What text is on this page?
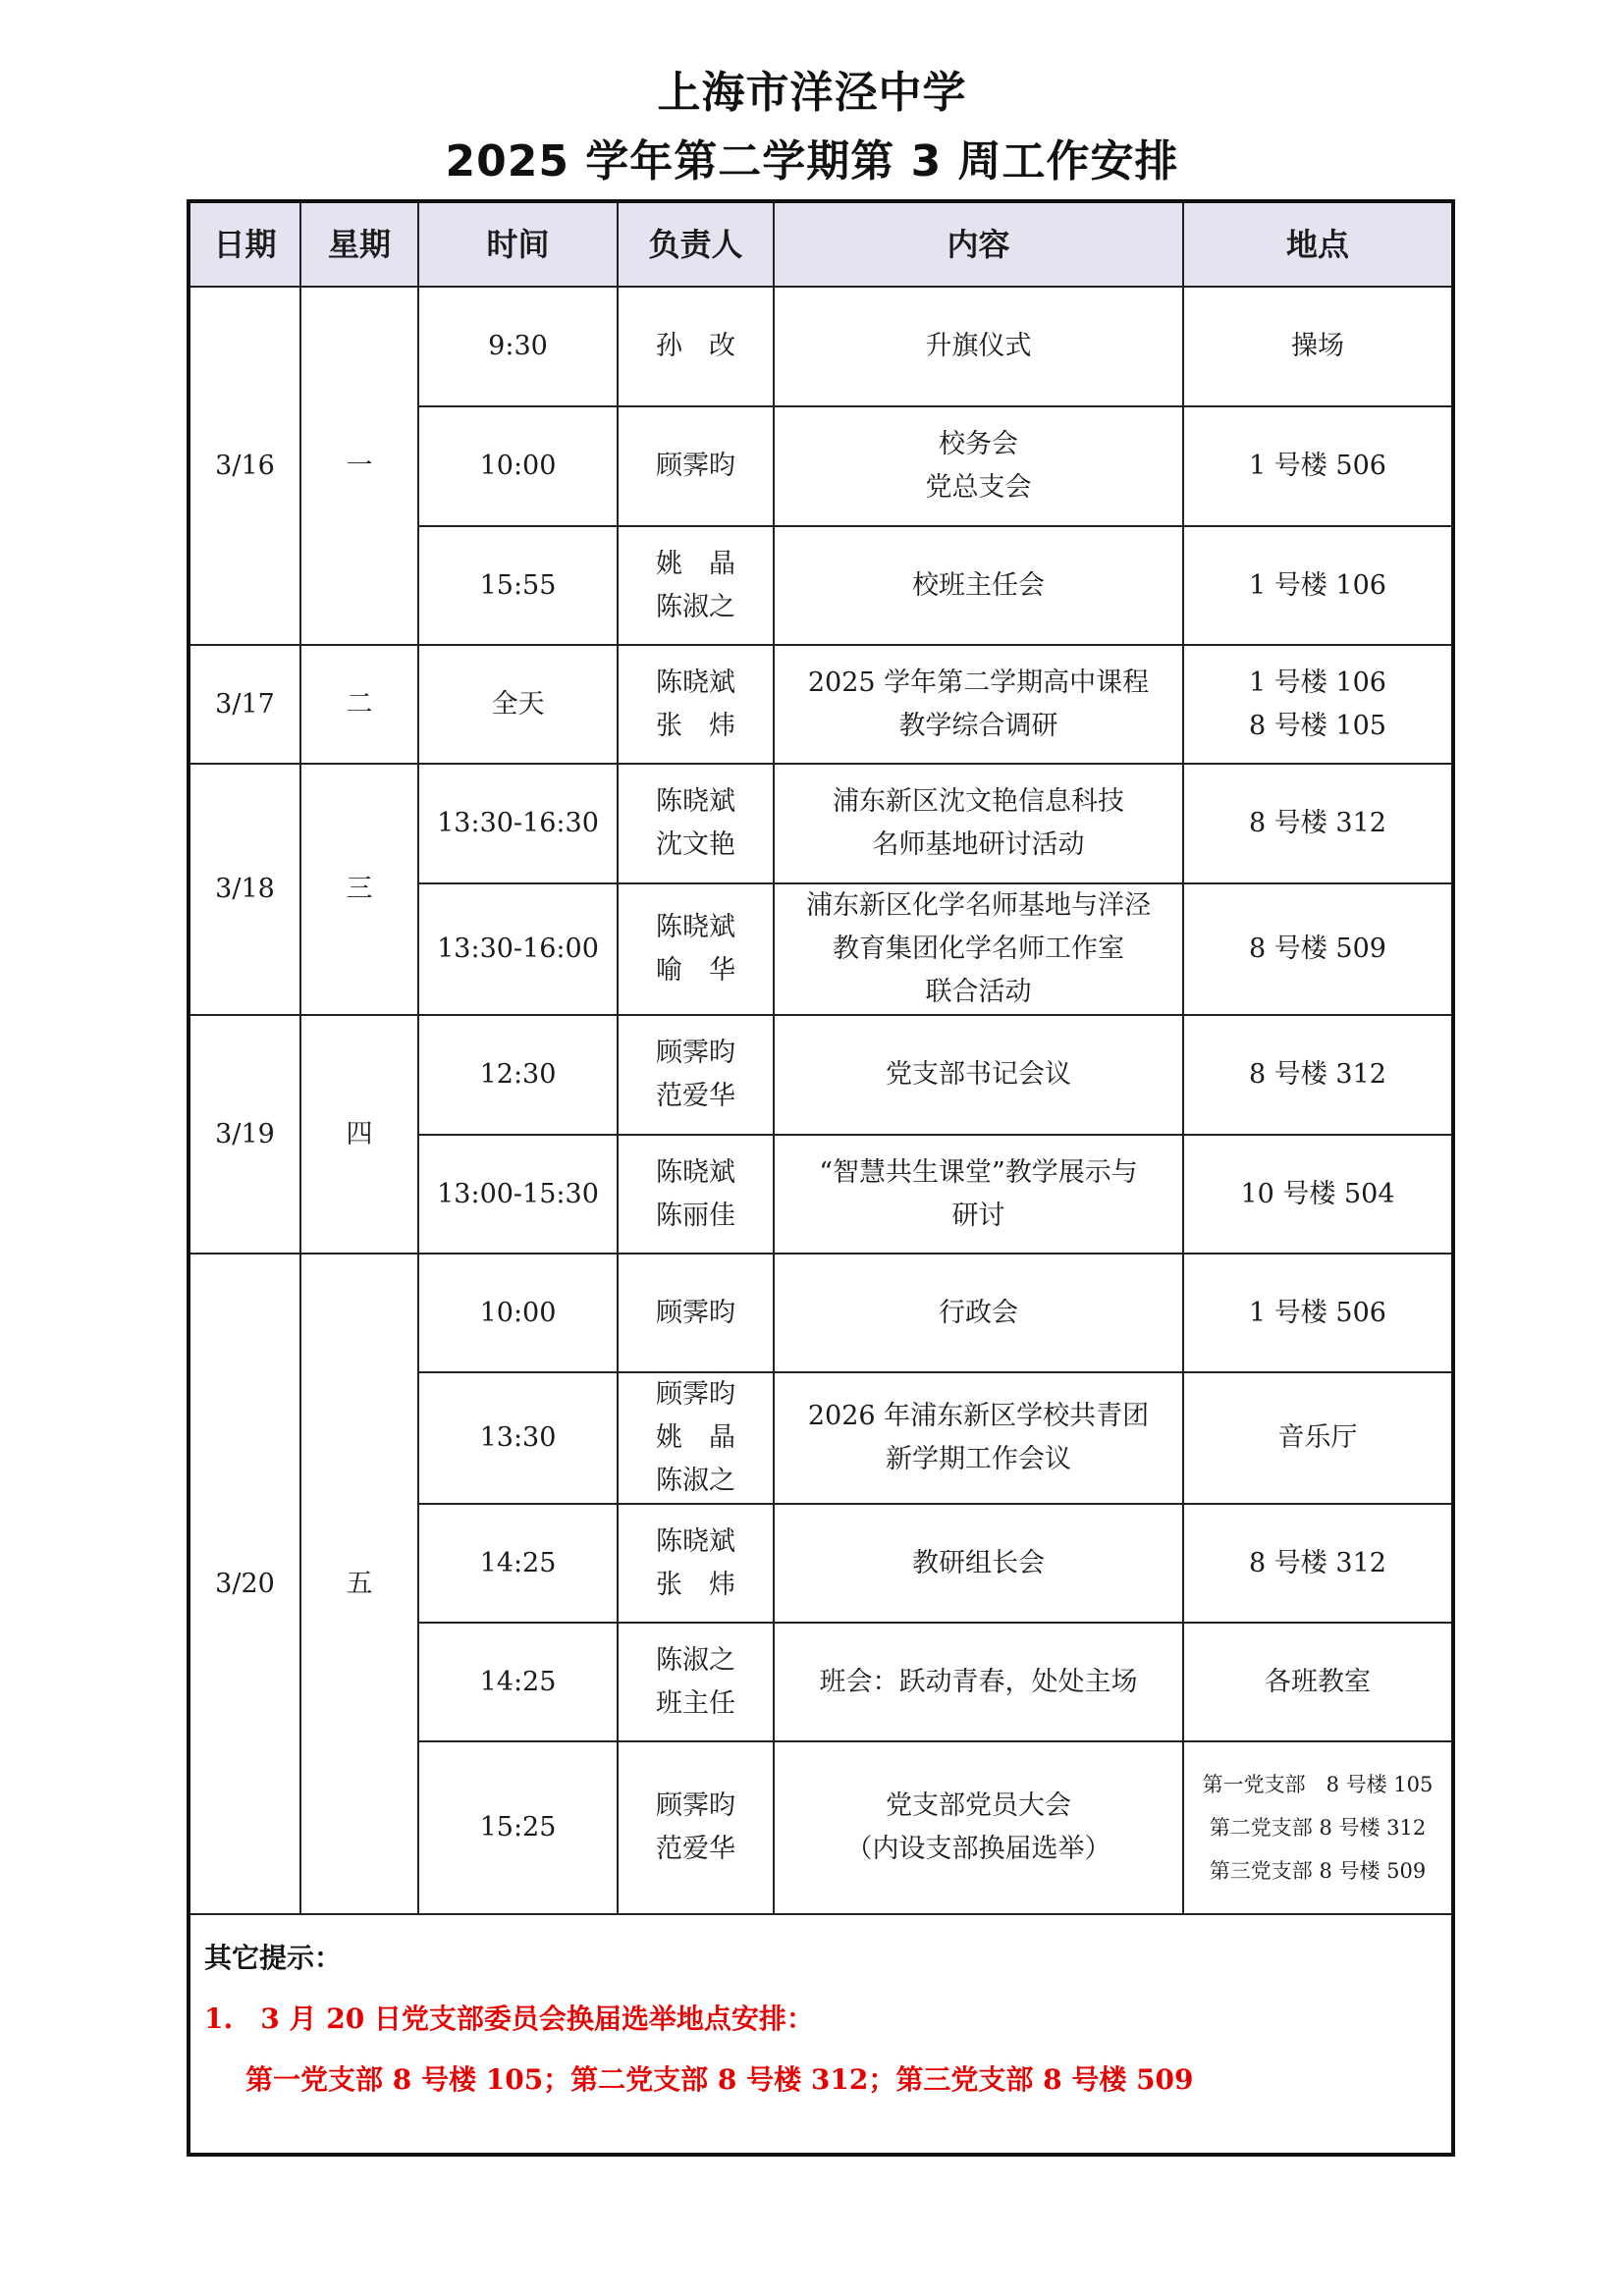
上海市洋泾中学
2025 学年第二学期第 3 周工作安排
日期	星期	时间	负责人	内容	地点
3/16	一	9:30	孙　改	升旗仪式	操场

		10:00	顾霁昀	校务会
党总支会	1 号楼 506

		15:55	姚　晶
陈淑之	校班主任会	1 号楼 106

3/17	二	全天	陈晓斌
张　炜	2025 学年第二学期高中课程
教学综合调研	1 号楼 106
8 号楼 105

3/18	三	13:30-16:30	陈晓斌
沈文艳	浦东新区沈文艳信息科技
名师基地研讨活动	8 号楼 312

		13:30-16:00	陈晓斌
喻　华	浦东新区化学名师基地与洋泾
教育集团化学名师工作室
联合活动	8 号楼 509

3/19	四	12:30	顾霁昀
范爱华	党支部书记会议	8 号楼 312

		13:00-15:30	陈晓斌
陈丽佳	“智慧共生课堂”教学展示与
研讨	10 号楼 504

3/20	五	10:00	顾霁昀	行政会	1 号楼 506

		13:30	顾霁昀
姚　晶
陈淑之	2026 年浦东新区学校共青团
新学期工作会议	音乐厅

		14:25	陈晓斌
张　炜	教研组长会	8 号楼 312

		14:25	陈淑之
班主任	班会：跃动青春，处处主场	各班教室

		15:25	顾霁昀
范爱华	党支部党员大会
（内设支部换届选举）	第一党支部　8 号楼 105
第二党支部 8 号楼 312
第三党支部 8 号楼 509

其它提示：
1.　3 月 20 日党支部委员会换届选举地点安排：
第一党支部 8 号楼 105；第二党支部 8 号楼 312；第三党支部 8 号楼 509					
